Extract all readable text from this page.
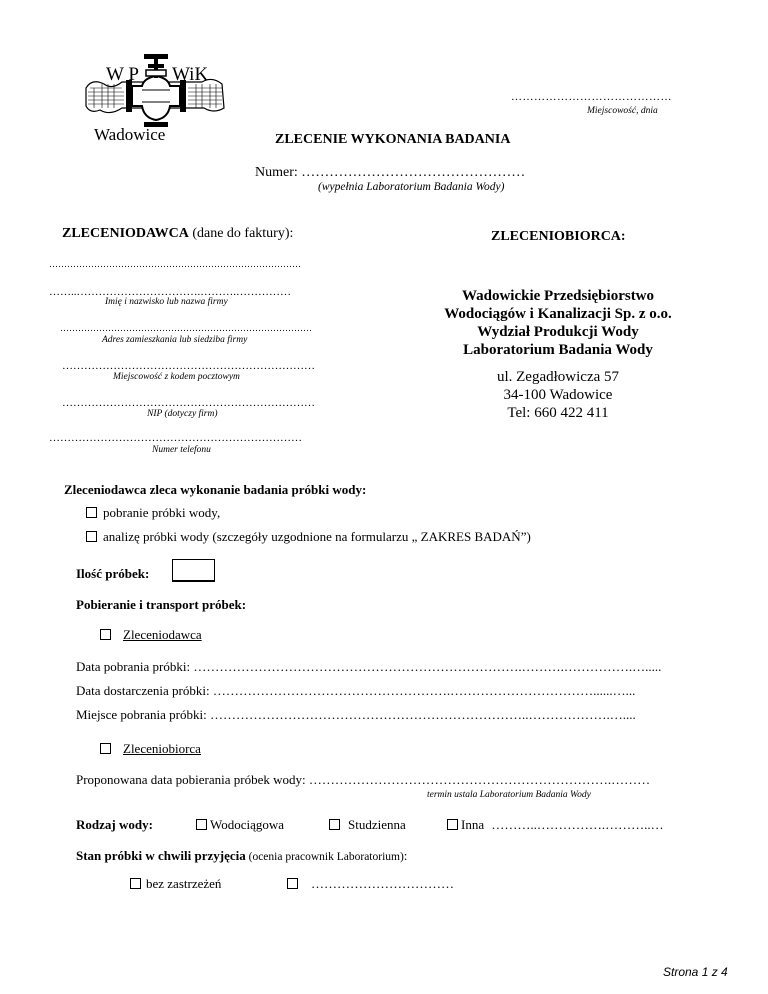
W P WiK
Wadowice
……………………………………
Miejscowość, dnia
ZLECENIE WYKONANIA BADANIA
Numer: …………………………………………
(wypełnia Laboratorium Badania Wody)
ZLECENIODAWCA (dane do faktury):
…………………………………………………………………………
……..…………………………….……….……………
Imię i nazwisko lub nazwa firmy
…………………………………………………………………………
Adres zamieszkania lub siedziba firmy
……………………………………………………………
Miejscowość z kodem pocztowym
……………………………………………………………
NIP (dotyczy firm)
……………………………………………………………
Numer telefonu
ZLECENIOBIORCA:
Wadowickie Przedsiębiorstwo
Wodociągów i Kanalizacji Sp. z o.o.
Wydział Produkcji Wody
Laboratorium Badania Wody
ul. Zegadłowicza 57
34-100 Wadowice
Tel: 660 422 411
Zleceniodawca zleca wykonanie badania próbki wody:
pobranie próbki wody,
analizę próbki wody (szczegóły uzgodnione na formularzu „ ZAKRES BADAŃ”)
Ilość próbek:
Pobieranie i transport próbek:
Zleceniodawca
Data pobrania próbki: ………………………………………………………………….……….…………….….....
Data dostarczenia próbki: ……………………………………………….……………………………......…...
Miejsce pobrania próbki: ………………………………………………………………..……………….…....
Zleceniobiorca
Proponowana data pobierania próbek wody: …………………………………………………………….………
termin ustala Laboratorium Badania Wody
Rodzaj wody:	Wodociągowa	Studzienna	Inna ………..…………….………..…
Stan próbki w chwili przyjęcia (ocenia pracownik Laboratorium):
bez zastrzeżeń	……………………………
Strona 1 z 4
